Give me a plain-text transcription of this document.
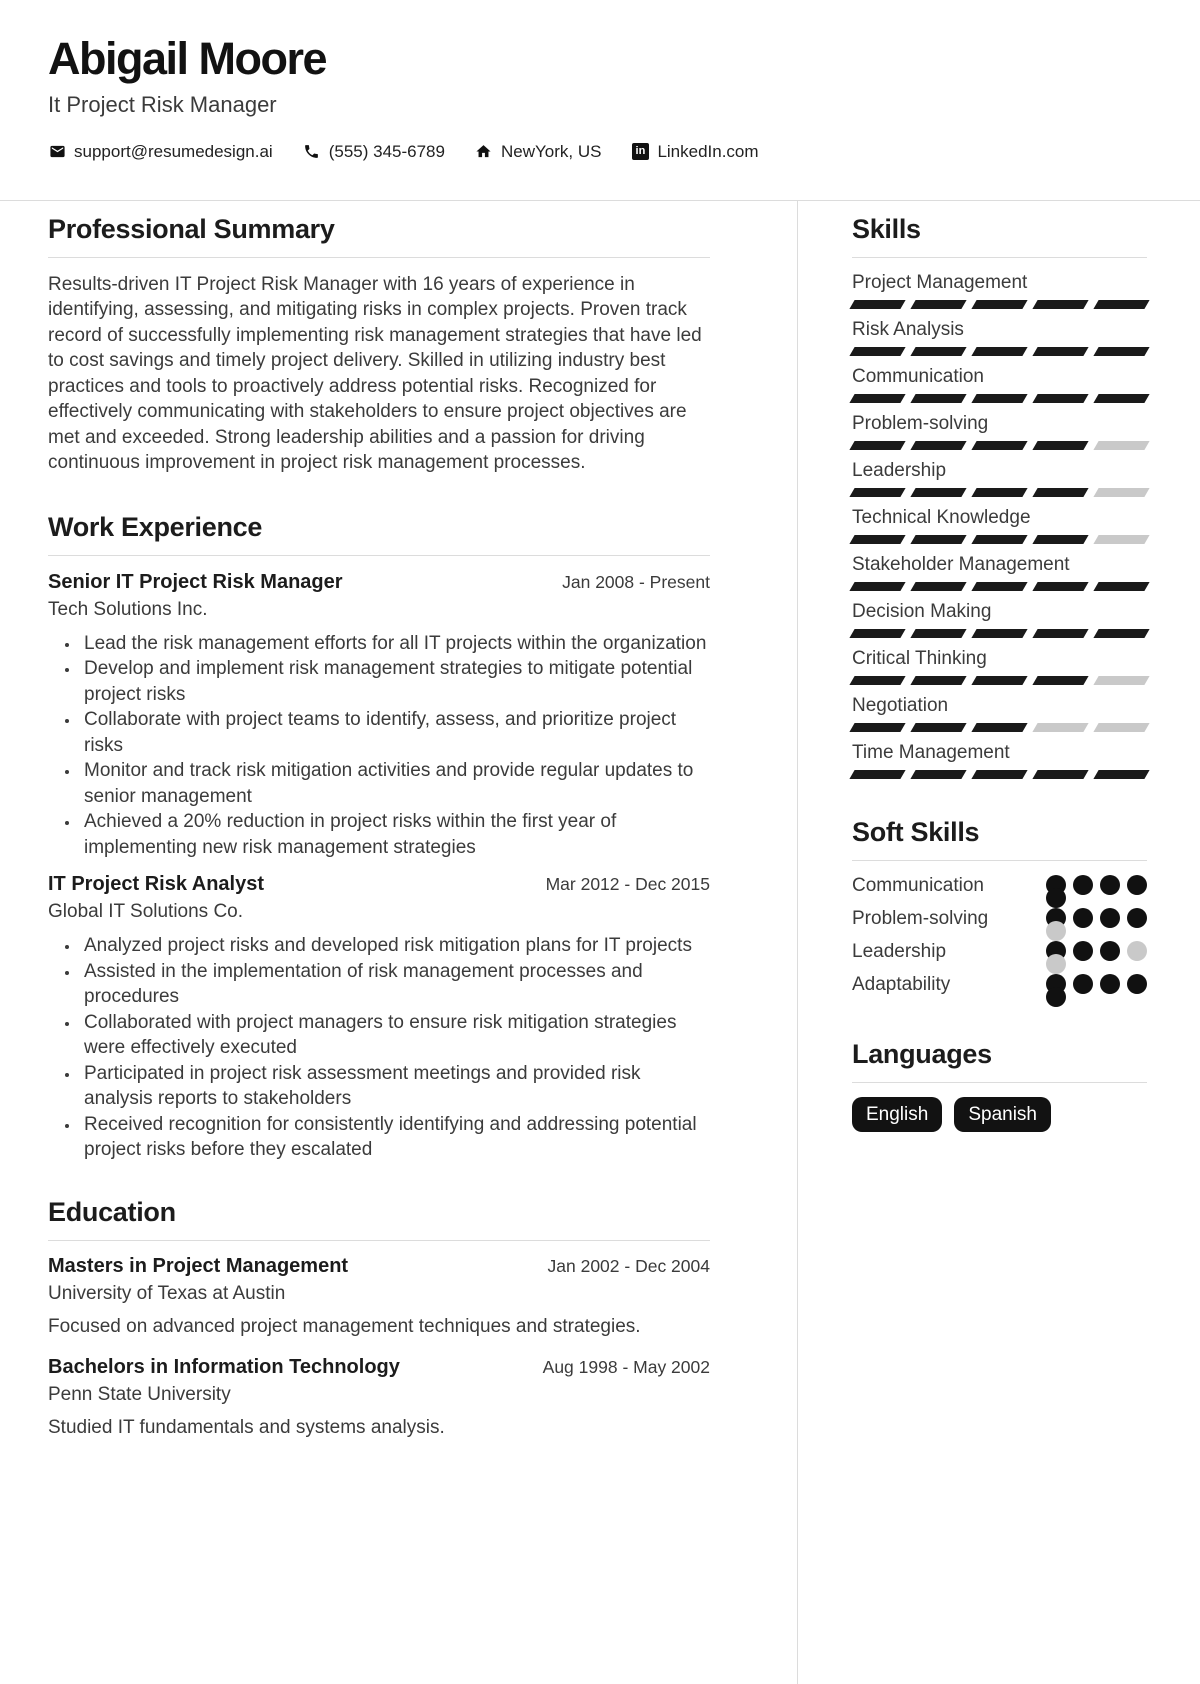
Abigail Moore
It Project Risk Manager
support@resumedesign.ai	(555) 345-6789	NewYork, US	in LinkedIn.com
Professional Summary

Results-driven IT Project Risk Manager with 16 years of experience in identifying, assessing, and mitigating risks in complex projects. Proven track record of successfully implementing risk management strategies that have led to cost savings and timely project delivery. Skilled in utilizing industry best practices and tools to proactively address potential risks. Recognized for effectively communicating with stakeholders to ensure project objectives are met and exceeded. Strong leadership abilities and a passion for driving continuous improvement in project risk management processes.

Work Experience
Senior IT Project Risk Manager	Jan 2008 - Present
Tech Solutions Inc.
• Lead the risk management efforts for all IT projects within the organization
• Develop and implement risk management strategies to mitigate potential project risks
• Collaborate with project teams to identify, assess, and prioritize project risks
• Monitor and track risk mitigation activities and provide regular updates to senior management
• Achieved a 20% reduction in project risks within the first year of implementing new risk management strategies
IT Project Risk Analyst	Mar 2012 - Dec 2015
Global IT Solutions Co.
• Analyzed project risks and developed risk mitigation plans for IT projects
• Assisted in the implementation of risk management processes and procedures
• Collaborated with project managers to ensure risk mitigation strategies were effectively executed
• Participated in project risk assessment meetings and provided risk analysis reports to stakeholders
• Received recognition for consistently identifying and addressing potential project risks before they escalated
Education
Masters in Project Management	Jan 2002 - Dec 2004
University of Texas at Austin
Focused on advanced project management techniques and strategies.
Bachelors in Information Technology	Aug 1998 - May 2002
Penn State University
Studied IT fundamentals and systems analysis.
Skills
Project Management
Risk Analysis
Communication
Problem-solving
Leadership
Technical Knowledge
Stakeholder Management
Decision Making
Critical Thinking
Negotiation
Time Management
Soft Skills
Communication
Problem-solving
Leadership
Adaptability
Languages
English	Spanish
